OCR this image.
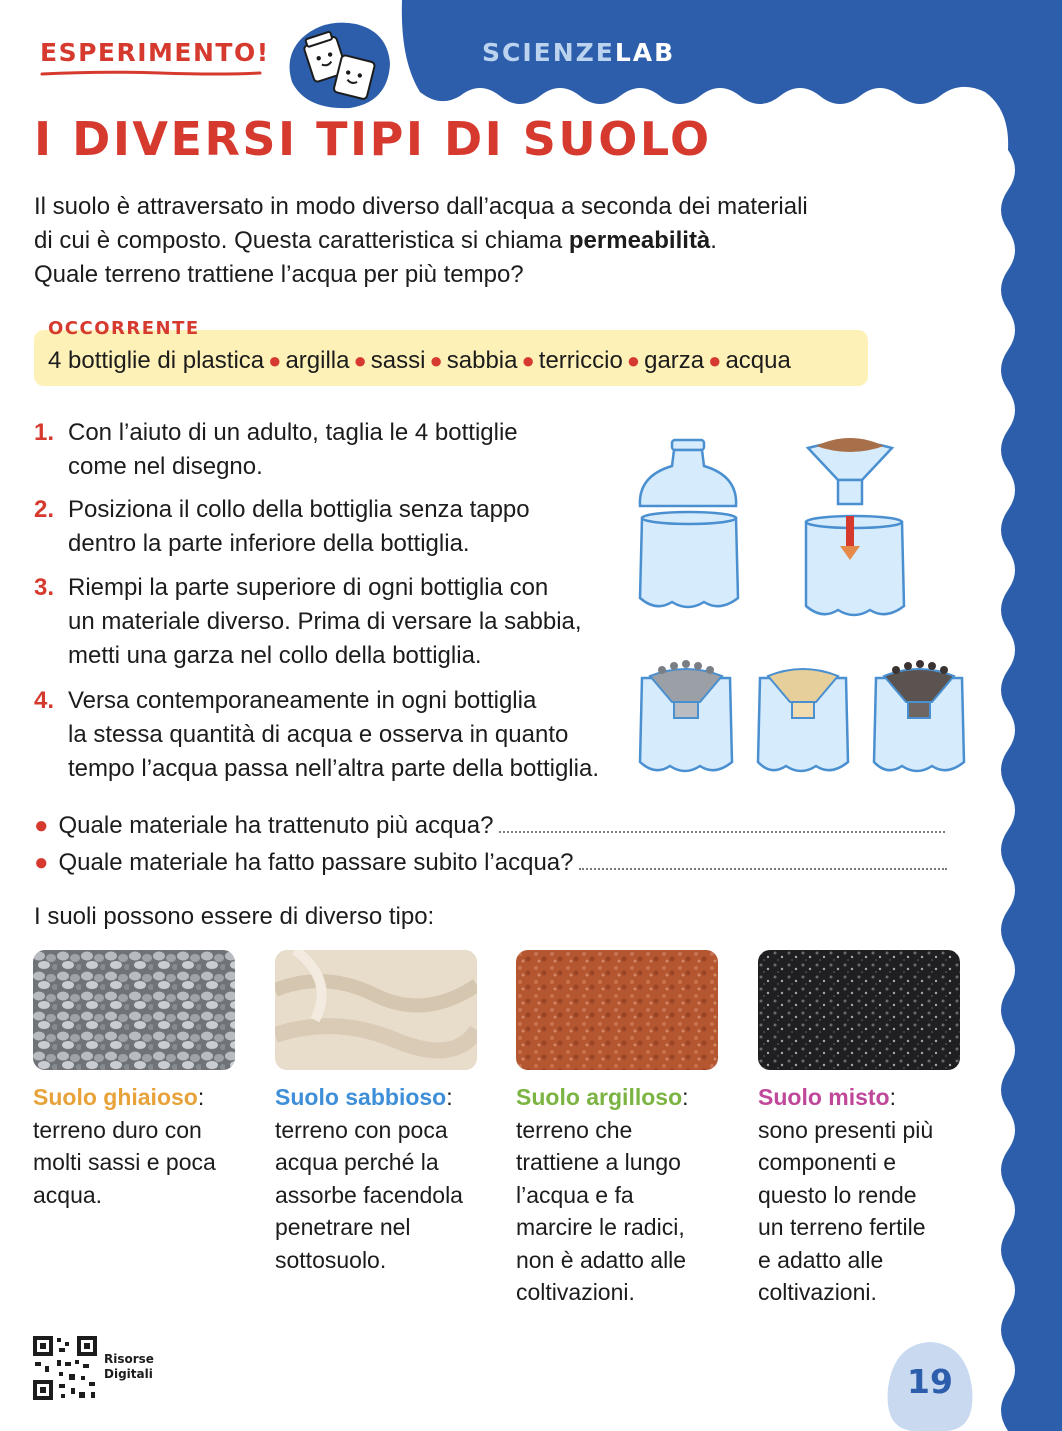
ESPERIMENTO!	SCIENZELAB
I DIVERSI TIPI DI SUOLO
Il suolo è attraversato in modo diverso dall’acqua a seconda dei materiali
di cui è composto. Questa caratteristica si chiama permeabilità.
Quale terreno trattiene l’acqua per più tempo?
OCCORRENTE
4 bottiglie di plastica ● argilla ● sassi ● sabbia ● terriccio ● garza ● acqua
1. Con l’aiuto di un adulto, taglia le 4 bottiglie
come nel disegno.
2. Posiziona il collo della bottiglia senza tappo
dentro la parte inferiore della bottiglia.
3. Riempi la parte superiore di ogni bottiglia con
un materiale diverso. Prima di versare la sabbia,
metti una garza nel collo della bottiglia.
4. Versa contemporaneamente in ogni bottiglia
la stessa quantità di acqua e osserva in quanto
tempo l’acqua passa nell’altra parte della bottiglia.
● Quale materiale ha trattenuto più acqua?
● Quale materiale ha fatto passare subito l’acqua?
I suoli possono essere di diverso tipo:
Suolo ghiaioso:
terreno duro con
molti sassi e poca
acqua.
Suolo sabbioso:
terreno con poca
acqua perché la
assorbe facendola
penetrare nel
sottosuolo.
Suolo argilloso:
terreno che
trattiene a lungo
l’acqua e fa
marcire le radici,
non è adatto alle
coltivazioni.
Suolo misto:
sono presenti più
componenti e
questo lo rende
un terreno fertile
e adatto alle
coltivazioni.
Risorse
Digitali	19
